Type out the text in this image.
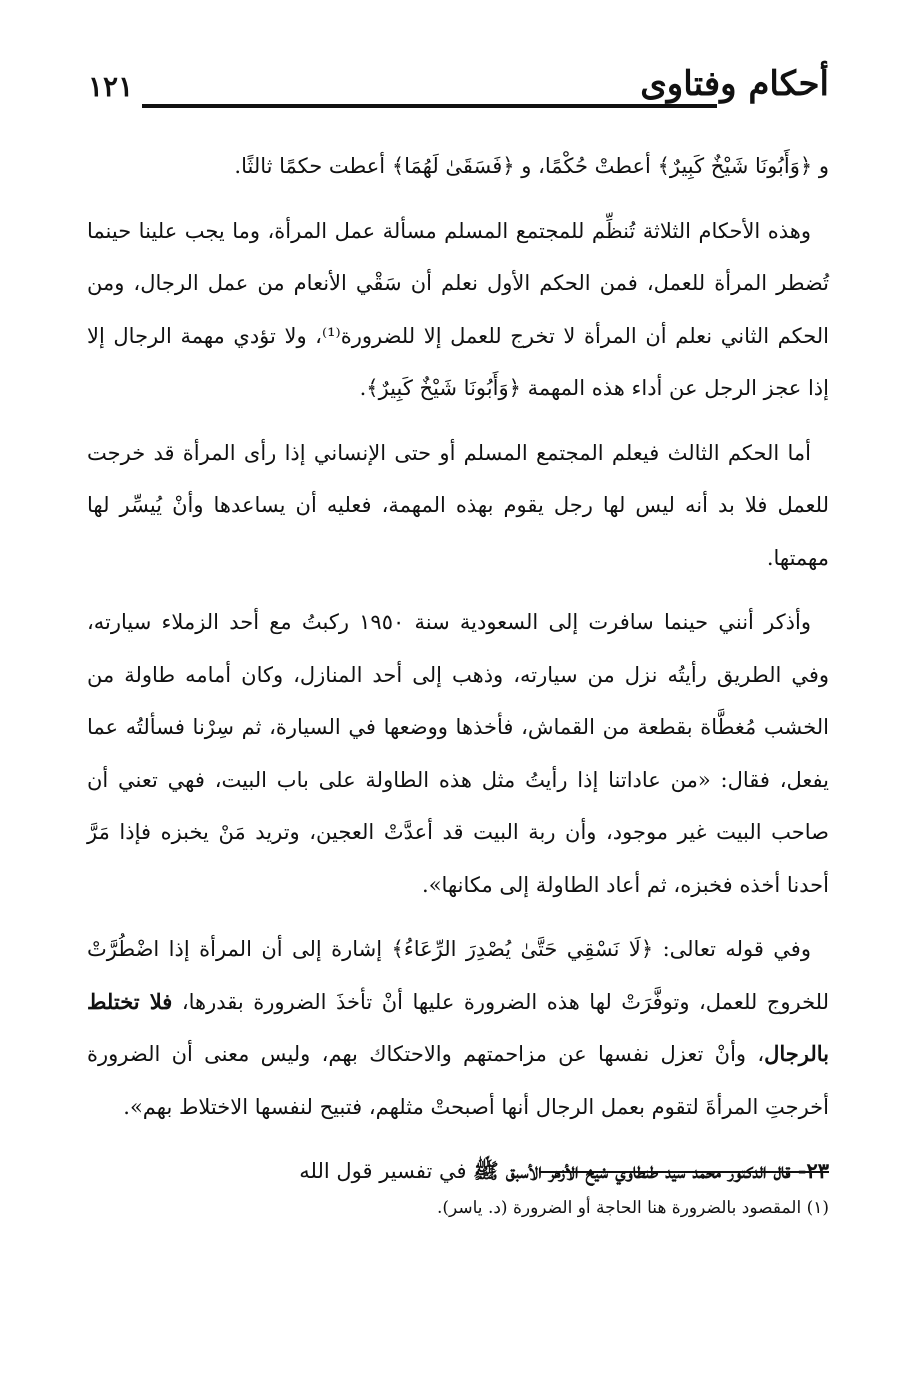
أحكام وفتاوى
١٢١

و ﴿وَأَبُونَا شَيْخٌ كَبِيرٌ﴾ أعطتْ حُكْمًا، و ﴿فَسَقَىٰ لَهُمَا﴾ أعطت حكمًا ثالثًا.

وهذه الأحكام الثلاثة تُنظِّم للمجتمع المسلم مسألة عمل المرأة، وما يجب علينا حينما تُضطر المرأة للعمل، فمن الحكم الأول نعلم أن سَقْي الأنعام من عمل الرجال، ومن الحكم الثاني نعلم أن المرأة لا تخرج للعمل إلا للضرورة⁽¹⁾، ولا تؤدي مهمة الرجال إلا إذا عجز الرجل عن أداء هذه المهمة ﴿وَأَبُونَا شَيْخٌ كَبِيرٌ﴾.

أما الحكم الثالث فيعلم المجتمع المسلم أو حتى الإنساني إذا رأى المرأة قد خرجت للعمل فلا بد أنه ليس لها رجل يقوم بهذه المهمة، فعليه أن يساعدها وأنْ يُيسِّر لها مهمتها.

وأذكر أنني حينما سافرت إلى السعودية سنة ١٩٥٠ ركبتُ مع أحد الزملاء سيارته، وفي الطريق رأيتُه نزل من سيارته، وذهب إلى أحد المنازل، وكان أمامه طاولة من الخشب مُغطَّاة بقطعة من القماش، فأخذها ووضعها في السيارة، ثم سِرْنا فسألتُه عما يفعل، فقال: «من عاداتنا إذا رأيتُ مثل هذه الطاولة على باب البيت، فهي تعني أن صاحب البيت غير موجود، وأن ربة البيت قد أعدَّتْ العجين، وتريد مَنْ يخبزه فإذا مَرَّ أحدنا أخذه فخبزه، ثم أعاد الطاولة إلى مكانها».

وفي قوله تعالى: ﴿لَا نَسْقِي حَتَّىٰ يُصْدِرَ الرِّعَاءُ﴾ إشارة إلى أن المرأة إذا اضْطُرَّتْ للخروج للعمل، وتوفَّرَتْ لها هذه الضرورة عليها أنْ تأخذَ الضرورة بقدرها، فلا تختلط بالرجال، وأنْ تعزل نفسها عن مزاحمتهم والاحتكاك بهم، وليس معنى أن الضرورة أخرجتِ المرأةَ لتقوم بعمل الرجال أنها أصبحتْ مثلهم، فتبيح لنفسها الاختلاط بهم».

٢٣- قال الدكتور محمد سيد طنطاوي شيخ الأزهر الأسبق ﷺ في تفسير قول الله

(١) المقصود بالضرورة هنا الحاجة أو الضرورة (د. ياسر).
